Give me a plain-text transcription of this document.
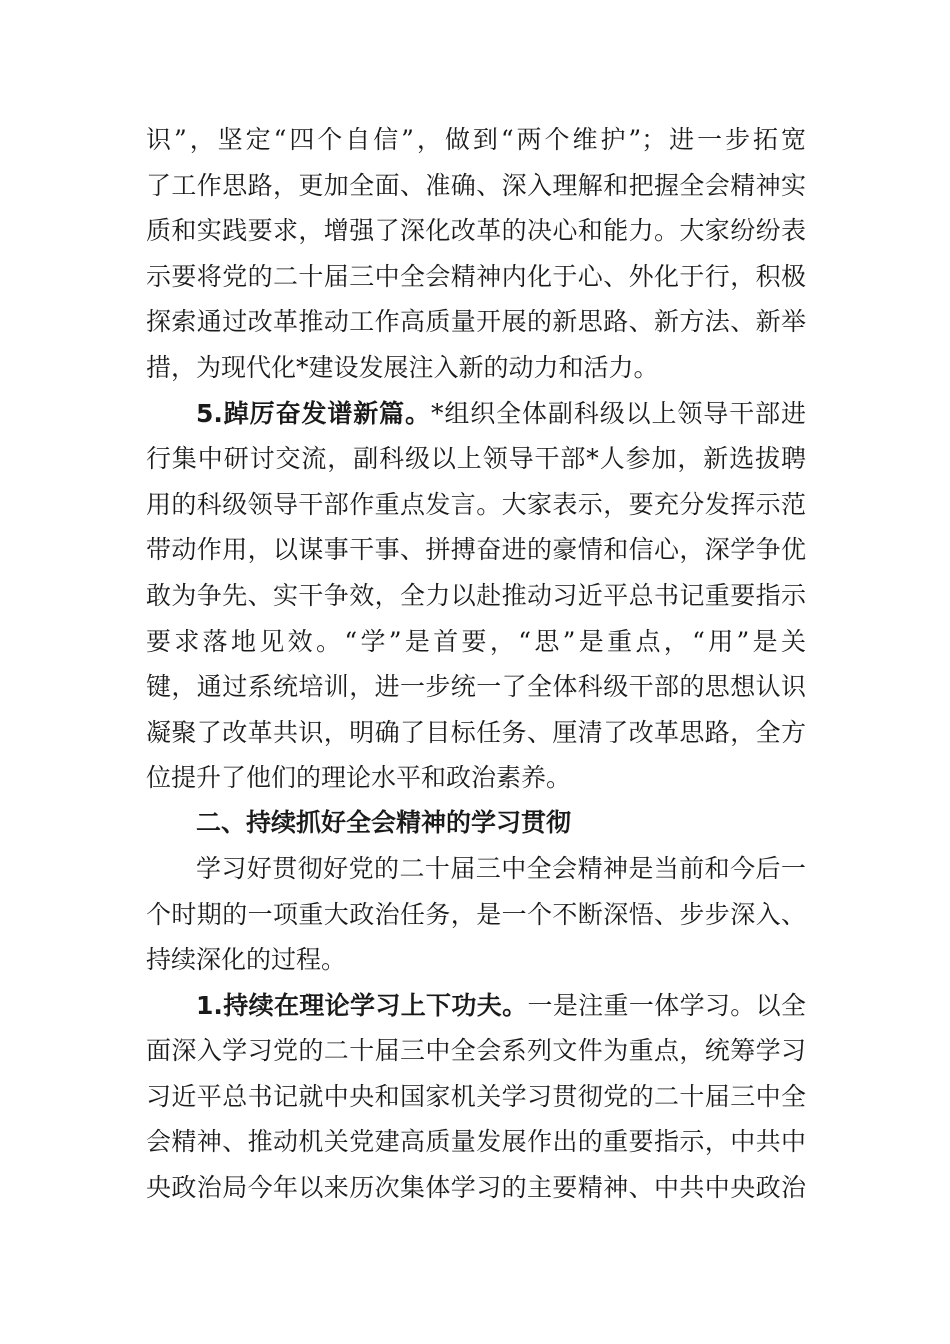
识”，坚定“四个自信”，做到“两个维护”；进一步拓宽
了工作思路，更加全面、准确、深入理解和把握全会精神实
质和实践要求，增强了深化改革的决心和能力。大家纷纷表
示要将党的二十届三中全会精神内化于心、外化于行，积极
探索通过改革推动工作高质量开展的新思路、新方法、新举
措，为现代化*建设发展注入新的动力和活力。
5.踔厉奋发谱新篇。*组织全体副科级以上领导干部进
行集中研讨交流，副科级以上领导干部*人参加，新选拔聘
用的科级领导干部作重点发言。大家表示，要充分发挥示范
带动作用，以谋事干事、拼搏奋进的豪情和信心，深学争优
敢为争先、实干争效，全力以赴推动习近平总书记重要指示
要求落地见效。“学”是首要，“思”是重点，“用”是关
键，通过系统培训，进一步统一了全体科级干部的思想认识
凝聚了改革共识，明确了目标任务、厘清了改革思路，全方
位提升了他们的理论水平和政治素养。
二、持续抓好全会精神的学习贯彻
学习好贯彻好党的二十届三中全会精神是当前和今后一
个时期的一项重大政治任务，是一个不断深悟、步步深入、
持续深化的过程。
1.持续在理论学习上下功夫。一是注重一体学习。以全
面深入学习党的二十届三中全会系列文件为重点，统筹学习
习近平总书记就中央和国家机关学习贯彻党的二十届三中全
会精神、推动机关党建高质量发展作出的重要指示，中共中
央政治局今年以来历次集体学习的主要精神、中共中央政治
